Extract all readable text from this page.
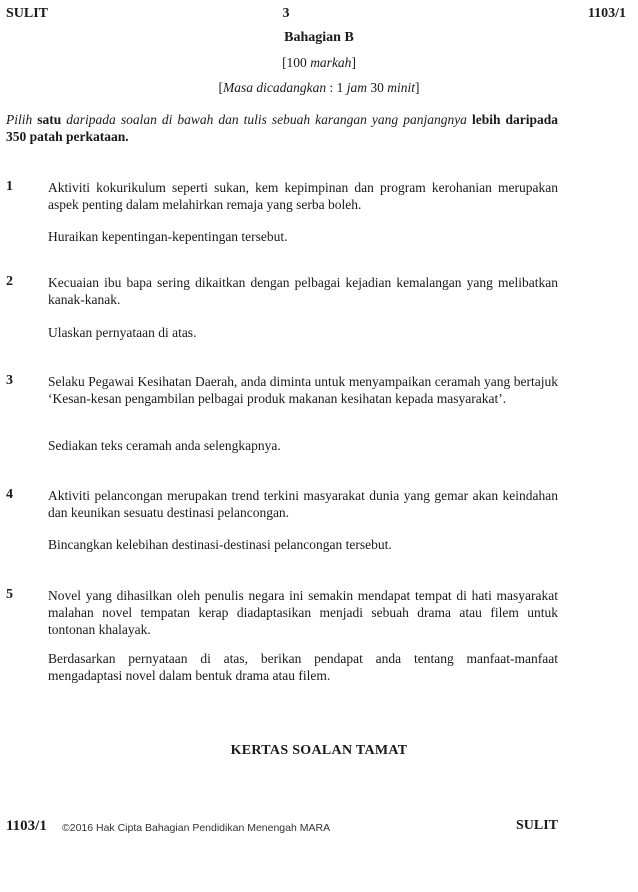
SULIT	3	1103/1
Bahagian B
[100 markah]
[Masa dicadangkan : 1 jam 30 minit]
Pilih satu daripada soalan di bawah dan tulis sebuah karangan yang panjangnya lebih daripada 350 patah perkataan.
1	Aktiviti kokurikulum seperti sukan, kem kepimpinan dan program kerohanian merupakan aspek penting dalam melahirkan remaja yang serba boleh.
Huraikan kepentingan-kepentingan tersebut.
2	Kecuaian ibu bapa sering dikaitkan dengan pelbagai kejadian kemalangan yang melibatkan kanak-kanak.
Ulaskan pernyataan di atas.
3	Selaku Pegawai Kesihatan Daerah, anda diminta untuk menyampaikan ceramah yang bertajuk ‘Kesan-kesan pengambilan pelbagai produk makanan kesihatan kepada masyarakat’.
Sediakan teks ceramah anda selengkapnya.
4	Aktiviti pelancongan merupakan trend terkini masyarakat dunia yang gemar akan keindahan dan keunikan sesuatu destinasi pelancongan.
Bincangkan kelebihan destinasi-destinasi pelancongan tersebut.
5	Novel yang dihasilkan oleh penulis negara ini semakin mendapat tempat di hati masyarakat malahan novel tempatan kerap diadaptasikan menjadi sebuah drama atau filem untuk tontonan khalayak.
Berdasarkan pernyataan di atas, berikan pendapat anda tentang manfaat-manfaat mengadaptasi novel dalam bentuk drama atau filem.
KERTAS SOALAN TAMAT
1103/1 ©2016 Hak Cipta Bahagian Pendidikan Menengah MARA	SULIT
